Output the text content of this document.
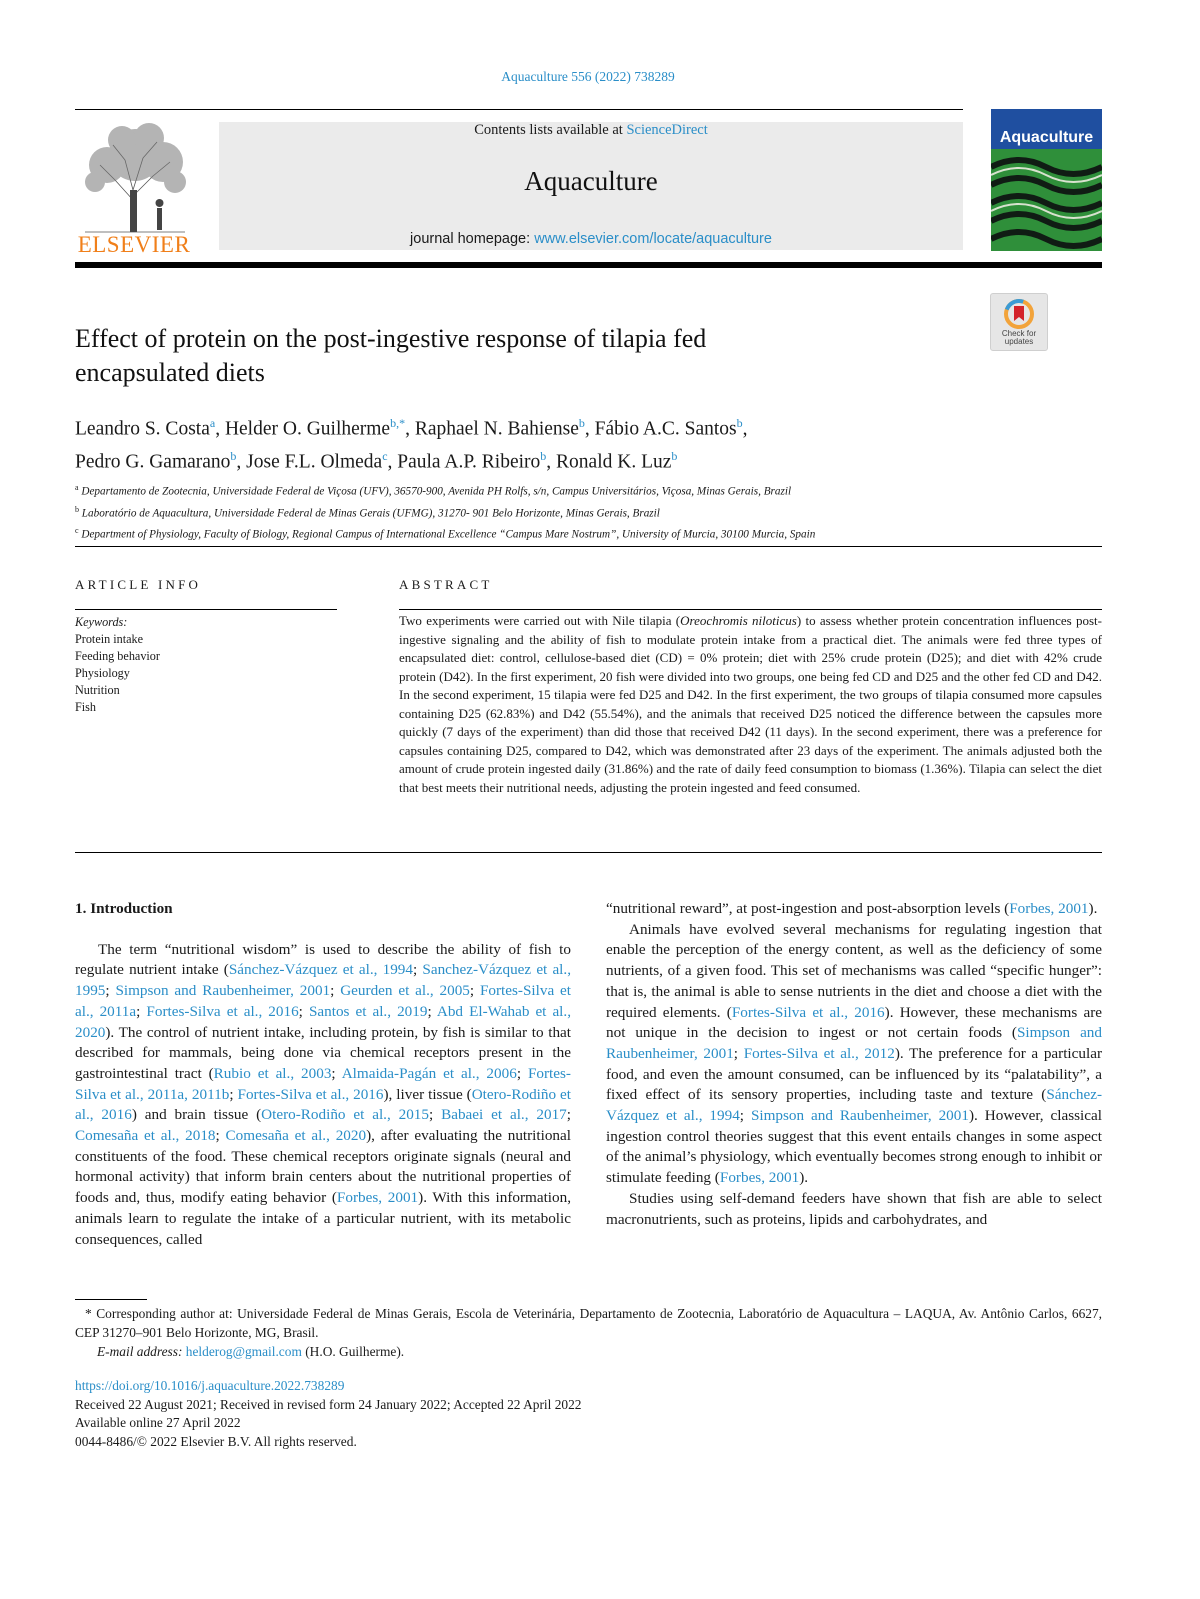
Aquaculture 556 (2022) 738289
ELSEVIER
Contents lists available at ScienceDirect
Aquaculture
journal homepage: www.elsevier.com/locate/aquaculture
Aquaculture
Check for
updates
Effect of protein on the post-ingestive response of tilapia fed encapsulated diets
Leandro S. Costa$^a$, Helder O. Guilherme$^{b,*}$, Raphael N. Bahiense$^b$, Fábio A.C. Santos$^b$,
Pedro G. Gamarano$^b$, Jose F.L. Olmeda$^c$, Paula A.P. Ribeiro$^b$, Ronald K. Luz$^b$
$^a$ Departamento de Zootecnia, Universidade Federal de Viçosa (UFV), 36570-900, Avenida PH Rolfs, s/n, Campus Universitários, Viçosa, Minas Gerais, Brazil
$^b$ Laboratório de Aquacultura, Universidade Federal de Minas Gerais (UFMG), 31270- 901 Belo Horizonte, Minas Gerais, Brazil
$^c$ Department of Physiology, Faculty of Biology, Regional Campus of International Excellence “Campus Mare Nostrum”, University of Murcia, 30100 Murcia, Spain
ARTICLE INFO
Keywords:
Protein intake
Feeding behavior
Physiology
Nutrition
Fish
ABSTRACT
Two experiments were carried out with Nile tilapia (Oreochromis niloticus) to assess whether protein concentration influences post-ingestive signaling and the ability of fish to modulate protein intake from a practical diet. The animals were fed three types of encapsulated diet: control, cellulose-based diet (CD) = 0% protein; diet with 25% crude protein (D25); and diet with 42% crude protein (D42). In the first experiment, 20 fish were divided into two groups, one being fed CD and D25 and the other fed CD and D42. In the second experiment, 15 tilapia were fed D25 and D42. In the first experiment, the two groups of tilapia consumed more capsules containing D25 (62.83%) and D42 (55.54%), and the animals that received D25 noticed the difference between the capsules more quickly (7 days of the experiment) than did those that received D42 (11 days). In the second experiment, there was a preference for capsules containing D25, compared to D42, which was demonstrated after 23 days of the experiment. The animals adjusted both the amount of crude protein ingested daily (31.86%) and the rate of daily feed consumption to biomass (1.36%). Tilapia can select the diet that best meets their nutritional needs, adjusting the protein ingested and feed consumed.
1. Introduction

The term “nutritional wisdom” is used to describe the ability of fish to regulate nutrient intake (Sánchez-Vázquez et al., 1994; Sanchez-Vázquez et al., 1995; Simpson and Raubenheimer, 2001; Geurden et al., 2005; Fortes-Silva et al., 2011a; Fortes-Silva et al., 2016; Santos et al., 2019; Abd El-Wahab et al., 2020). The control of nutrient intake, including protein, by fish is similar to that described for mammals, being done via chemical receptors present in the gastrointestinal tract (Rubio et al., 2003; Almaida-Pagán et al., 2006; Fortes-Silva et al., 2011a, 2011b; Fortes-Silva et al., 2016), liver tissue (Otero-Rodiño et al., 2016) and brain tissue (Otero-Rodiño et al., 2015; Babaei et al., 2017; Comesaña et al., 2018; Comesaña et al., 2020), after evaluating the nutritional constituents of the food. These chemical receptors originate signals (neural and hormonal activity) that inform brain centers about the nutritional properties of foods and, thus, modify eating behavior (Forbes, 2001). With this information, animals learn to regulate the intake of a particular nutrient, with its metabolic consequences, called

“nutritional reward”, at post-ingestion and post-absorption levels (Forbes, 2001).

Animals have evolved several mechanisms for regulating ingestion that enable the perception of the energy content, as well as the deficiency of some nutrients, of a given food. This set of mechanisms was called “specific hunger”: that is, the animal is able to sense nutrients in the diet and choose a diet with the required elements. (Fortes-Silva et al., 2016). However, these mechanisms are not unique in the decision to ingest or not certain foods (Simpson and Raubenheimer, 2001; Fortes-Silva et al., 2012). The preference for a particular food, and even the amount consumed, can be influenced by its “palatability”, a fixed effect of its sensory properties, including taste and texture (Sánchez-Vázquez et al., 1994; Simpson and Raubenheimer, 2001). However, classical ingestion control theories suggest that this event entails changes in some aspect of the animal’s physiology, which eventually becomes strong enough to inhibit or stimulate feeding (Forbes, 2001).

Studies using self-demand feeders have shown that fish are able to select macronutrients, such as proteins, lipids and carbohydrates, and

* Corresponding author at: Universidade Federal de Minas Gerais, Escola de Veterinária, Departamento de Zootecnia, Laboratório de Aquacultura – LAQUA, Av. Antônio Carlos, 6627, CEP 31270–901 Belo Horizonte, MG, Brasil.
E-mail address: helderog@gmail.com (H.O. Guilherme).
https://doi.org/10.1016/j.aquaculture.2022.738289
Received 22 August 2021; Received in revised form 24 January 2022; Accepted 22 April 2022
Available online 27 April 2022
0044-8486/© 2022 Elsevier B.V. All rights reserved.
